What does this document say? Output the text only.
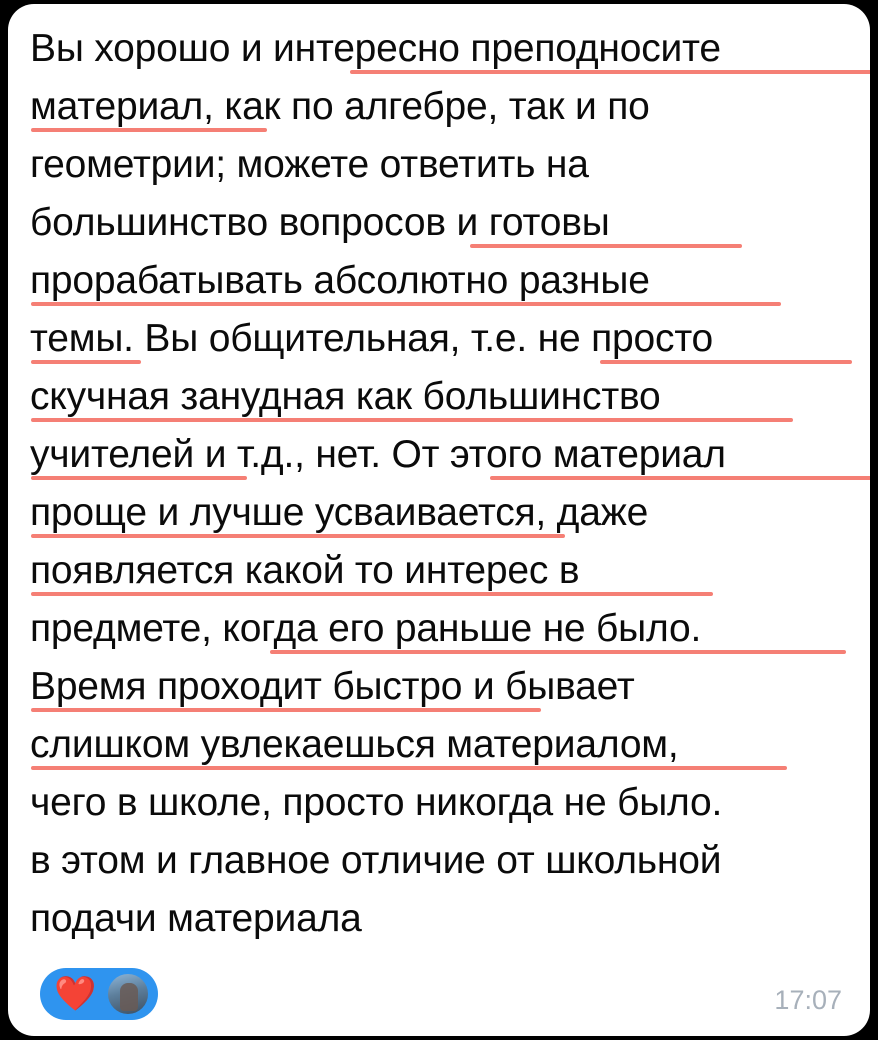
Вы хорошо и интересно преподносите
материал, как по алгебре, так и по
геометрии; можете ответить на
большинство вопросов и готовы
прорабатывать абсолютно разные
темы. Вы общительная, т.е. не просто
скучная занудная как большинство
учителей и т.д., нет. От этого материал
проще и лучше усваивается, даже
появляется какой то интерес в
предмете, когда его раньше не было.
Время проходит быстро и бывает
слишком увлекаешься материалом,
чего в школе, просто никогда не было.
в этом и главное отличие от школьной
подачи материала
❤️	17:07
